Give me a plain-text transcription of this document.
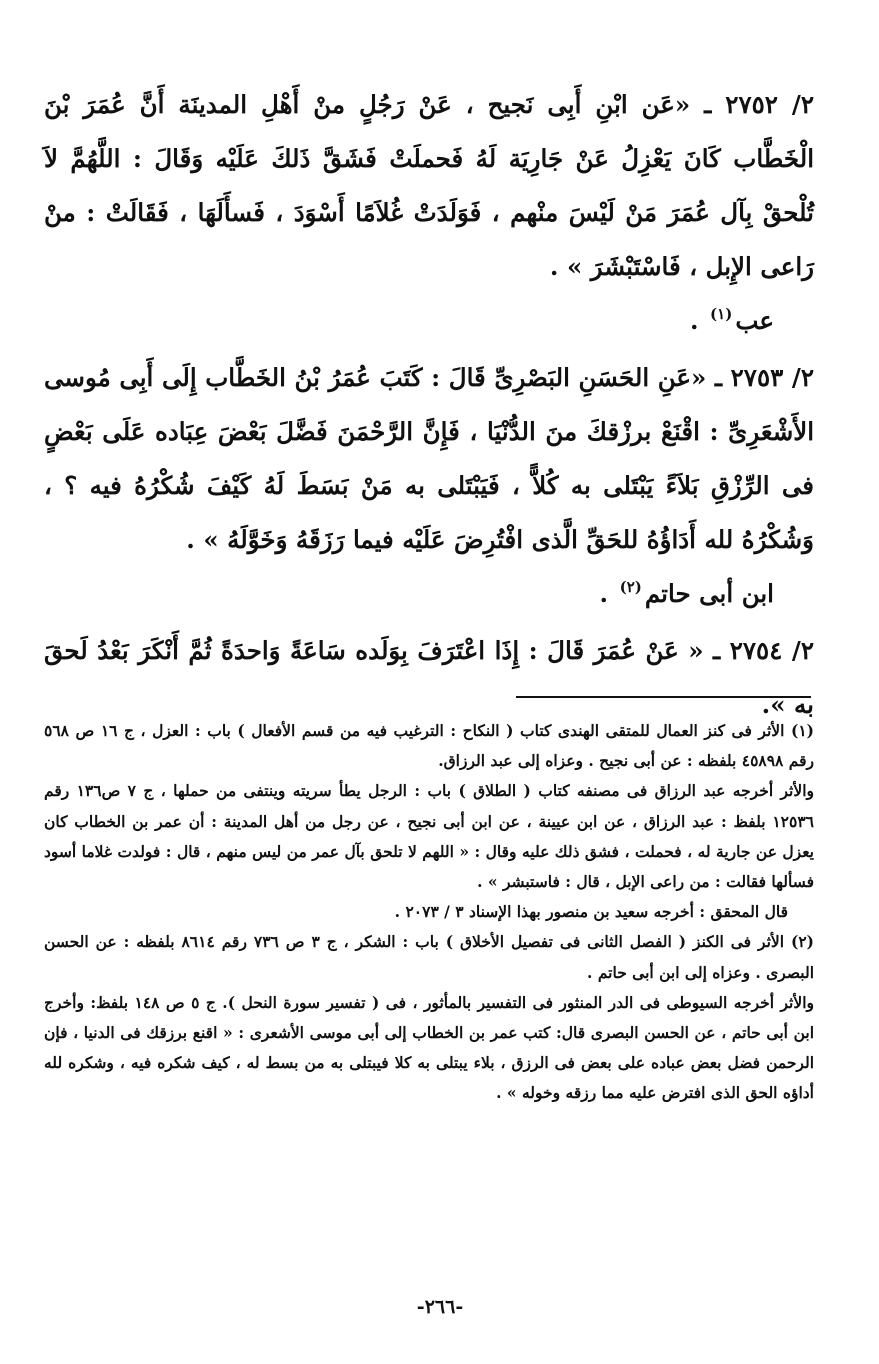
٢/ ٢٧٥٢ ـ «عَن ابْنِ أَبِى نَجيح ، عَنْ رَجُلٍ منْ أَهْلِ المدينَة أَنَّ عُمَرَ بْنَ الْخَطَّاب كَانَ يَعْزِلُ عَنْ جَارِيَة لَهُ فَحملَتْ فَشَقَّ ذَلكَ عَلَيْه وَقَالَ : اللَّهُمَّ لاَ تُلْحقْ بِآل عُمَرَ مَنْ لَيْسَ منْهم ، فَوَلَدَتْ غُلاَمًا أَسْوَدَ ، فَسأَلَهَا ، فَقَالَتْ : منْ رَاعى الإِبل ، فَاسْتَبْشَرَ » .

عب$^{(١)}$ .

٢/ ٢٧٥٣ ـ «عَنِ الحَسَنِ البَصْرِىِّ قَالَ : كَتَبَ عُمَرُ بْنُ الخَطَّاب إِلَى أَبِى مُوسى الأَشْعَرِىِّ : اقْنَعْ برزْقكَ منَ الدُّنْيَا ، فَإِنَّ الرَّحْمَنَ فَضَّلَ بَعْضَ عِبَاده عَلَى بَعْضٍ فى الرِّزْقِ بَلاَءً يَبْتَلى به كُلاًّ ، فَيَبْتَلى به مَنْ بَسَطَ لَهُ كَيْفَ شُكْرُهُ فيه ؟ ، وَشُكْرُهُ لله أَدَاؤُهُ للحَقِّ الَّذى افْتُرِضَ عَلَيْه فيما رَزَقَهُ وَخَوَّلَهُ » .

ابن أبى حاتم$^{(٢)}$ .

٢/ ٢٧٥٤ ـ « عَنْ عُمَرَ قَالَ : إِذَا اعْتَرَفَ بِوَلَده سَاعَةً وَاحدَةً ثُمَّ أَنْكَرَ بَعْدُ لَحقَ به ».

(١) الأثر فى كنز العمال للمتقى الهندى كتاب ( النكاح : الترغيب فيه من قسم الأفعال ) باب : العزل ، ج ١٦ ص ٥٦٨ رقم ٤٥٨٩٨ بلفظه : عن أبى نجيح . وعزاه إلى عبد الرزاق.

والأثر أخرجه عبد الرزاق فى مصنفه كتاب ( الطلاق ) باب : الرجل يطأ سريته وينتفى من حملها ، ج ٧ ص١٣٦ رقم ١٢٥٣٦ بلفظ : عبد الرزاق ، عن ابن عيينة ، عن ابن أبى نجيح ، عن رجل من أهل المدينة : أن عمر بن الخطاب كان يعزل عن جارية له ، فحملت ، فشق ذلك عليه وقال : « اللهم لا تلحق بآل عمر من ليس منهم ، قال : فولدت غلاما أسود فسألها فقالت : من راعى الإبل ، قال : فاستبشر » .

قال المحقق : أخرجه سعيد بن منصور بهذا الإسناد ٣ / ٢٠٧٣ .

(٢) الأثر فى الكنز ( الفصل الثانى فى تفصيل الأخلاق ) باب : الشكر ، ج ٣ ص ٧٣٦ رقم ٨٦١٤ بلفظه : عن الحسن البصرى . وعزاه إلى ابن أبى حاتم .

والأثر أخرجه السيوطى فى الدر المنثور فى التفسير بالمأثور ، فى ( تفسير سورة النحل ). ج ٥ ص ١٤٨ بلفظ: وأخرج ابن أبى حاتم ، عن الحسن البصرى قال: كتب عمر بن الخطاب إلى أبى موسى الأشعرى : « اقنع برزقك فى الدنيا ، فإن الرحمن فضل بعض عباده على بعض فى الرزق ، بلاء يبتلى به كلا فيبتلى به من بسط له ، كيف شكره فيه ، وشكره لله أداؤه الحق الذى افترض عليه مما رزقه وخوله » .

-٢٦٦-
